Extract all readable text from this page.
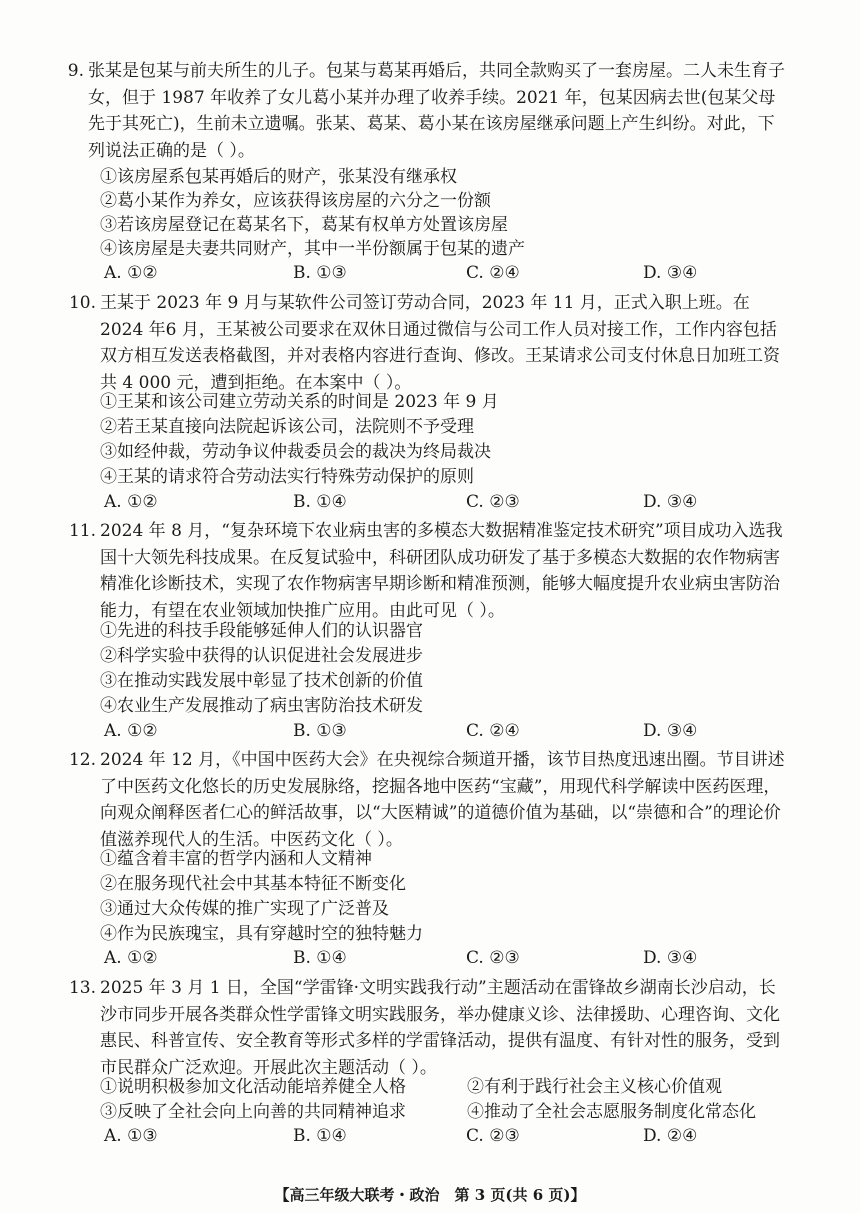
9. 张某是包某与前夫所生的儿子。包某与葛某再婚后，共同全款购买了一套房屋。二人未生育子女，但于 1987 年收养了女儿葛小某并办理了收养手续。2021 年，包某因病去世(包某父母先于其死亡)，生前未立遗嘱。张某、葛某、葛小某在该房屋继承问题上产生纠纷。对此，下列说法正确的是（ ）。
①该房屋系包某再婚后的财产，张某没有继承权
②葛小某作为养女，应该获得该房屋的六分之一份额
③若该房屋登记在葛某名下，葛某有权单方处置该房屋
④该房屋是夫妻共同财产，其中一半份额属于包某的遗产
A. ①②	B. ①③	C. ②④	D. ③④
10. 王某于 2023 年 9 月与某软件公司签订劳动合同，2023 年 11 月，正式入职上班。在 2024 年6 月，王某被公司要求在双休日通过微信与公司工作人员对接工作，工作内容包括双方相互发送表格截图，并对表格内容进行查询、修改。王某请求公司支付休息日加班工资共 4 000 元，遭到拒绝。在本案中（ ）。
①王某和该公司建立劳动关系的时间是 2023 年 9 月
②若王某直接向法院起诉该公司，法院则不予受理
③如经仲裁，劳动争议仲裁委员会的裁决为终局裁决
④王某的请求符合劳动法实行特殊劳动保护的原则
A. ①②	B. ①④	C. ②③	D. ③④
11. 2024 年 8 月，“复杂环境下农业病虫害的多模态大数据精准鉴定技术研究”项目成功入选我国十大领先科技成果。在反复试验中，科研团队成功研发了基于多模态大数据的农作物病害精准化诊断技术，实现了农作物病害早期诊断和精准预测，能够大幅度提升农业病虫害防治能力，有望在农业领域加快推广应用。由此可见（ ）。
①先进的科技手段能够延伸人们的认识器官
②科学实验中获得的认识促进社会发展进步
③在推动实践发展中彰显了技术创新的价值
④农业生产发展推动了病虫害防治技术研发
A. ①②	B. ①③	C. ②④	D. ③④
12. 2024 年 12 月，《中国中医药大会》在央视综合频道开播，该节目热度迅速出圈。节目讲述了中医药文化悠长的历史发展脉络，挖掘各地中医药“宝藏”，用现代科学解读中医药医理，向观众阐释医者仁心的鲜活故事，以“大医精诚”的道德价值为基础，以“崇德和合”的理论价值滋养现代人的生活。中医药文化（ ）。
①蕴含着丰富的哲学内涵和人文精神
②在服务现代社会中其基本特征不断变化
③通过大众传媒的推广实现了广泛普及
④作为民族瑰宝，具有穿越时空的独特魅力
A. ①②	B. ①④	C. ②③	D. ③④
13. 2025 年 3 月 1 日，全国“学雷锋·文明实践我行动”主题活动在雷锋故乡湖南长沙启动，长沙市同步开展各类群众性学雷锋文明实践服务，举办健康义诊、法律援助、心理咨询、文化惠民、科普宣传、安全教育等形式多样的学雷锋活动，提供有温度、有针对性的服务，受到市民群众广泛欢迎。开展此次主题活动（ ）。
①说明积极参加文化活动能培养健全人格	②有利于践行社会主义核心价值观
③反映了全社会向上向善的共同精神追求	④推动了全社会志愿服务制度化常态化
A. ①③	B. ①④	C. ②③	D. ②④
【高三年级大联考・政治　第 3 页(共 6 页)】
